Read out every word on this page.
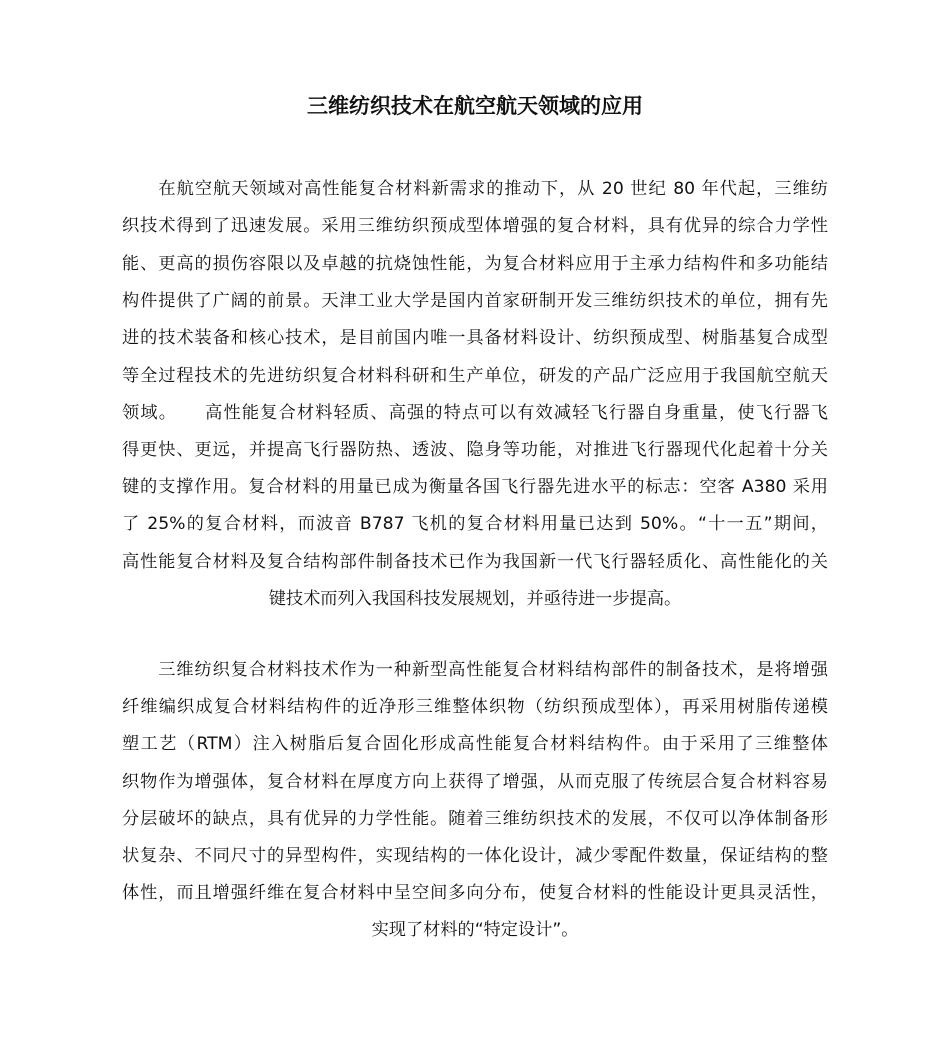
三维纺织技术在航空航天领域的应用
　　在航空航天领域对高性能复合材料新需求的推动下，从 20 世纪 80 年代起，三维纺
织技术得到了迅速发展。采用三维纺织预成型体增强的复合材料，具有优异的综合力学性
能、更高的损伤容限以及卓越的抗烧蚀性能，为复合材料应用于主承力结构件和多功能结
构件提供了广阔的前景。天津工业大学是国内首家研制开发三维纺织技术的单位，拥有先
进的技术装备和核心技术，是目前国内唯一具备材料设计、纺织预成型、树脂基复合成型
等全过程技术的先进纺织复合材料科研和生产单位，研发的产品广泛应用于我国航空航天
领域。　　高性能复合材料轻质、高强的特点可以有效减轻飞行器自身重量，使飞行器飞
得更快、更远，并提高飞行器防热、透波、隐身等功能，对推进飞行器现代化起着十分关
键的支撑作用。复合材料的用量已成为衡量各国飞行器先进水平的标志：空客 A380 采用
了 25%的复合材料，而波音 B787 飞机的复合材料用量已达到 50%。“十一五”期间，
高性能复合材料及复合结构部件制备技术已作为我国新一代飞行器轻质化、高性能化的关
键技术而列入我国科技发展规划，并亟待进一步提高。
　　三维纺织复合材料技术作为一种新型高性能复合材料结构部件的制备技术，是将增强
纤维编织成复合材料结构件的近净形三维整体织物（纺织预成型体），再采用树脂传递模
塑工艺（RTM）注入树脂后复合固化形成高性能复合材料结构件。由于采用了三维整体
织物作为增强体，复合材料在厚度方向上获得了增强，从而克服了传统层合复合材料容易
分层破坏的缺点，具有优异的力学性能。随着三维纺织技术的发展，不仅可以净体制备形
状复杂、不同尺寸的异型构件，实现结构的一体化设计，减少零配件数量，保证结构的整
体性，而且增强纤维在复合材料中呈空间多向分布，使复合材料的性能设计更具灵活性，
实现了材料的“特定设计”。
